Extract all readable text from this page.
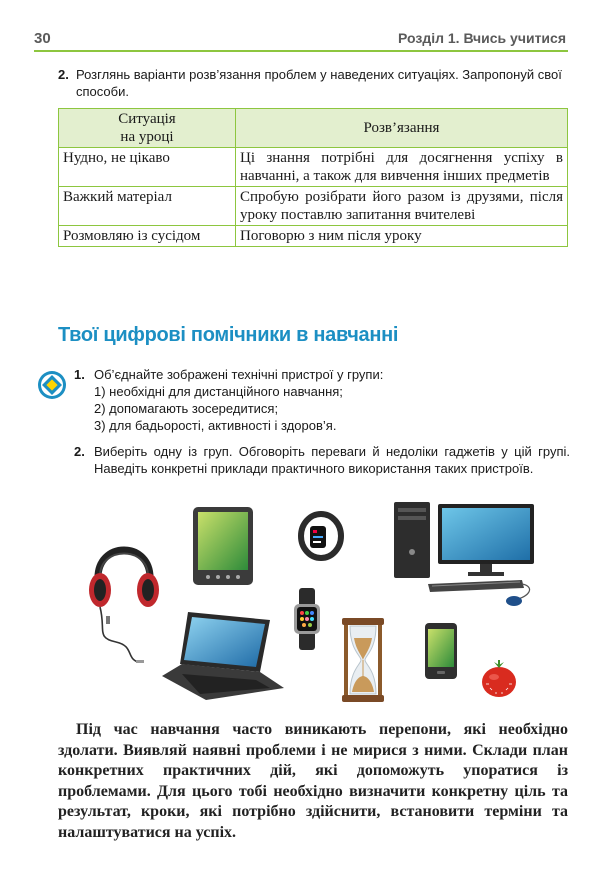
30	Розділ 1. Вчись учитися
2. Розглянь варіанти розв’язання проблем у наведених ситуаціях. Запропонуй свої способи.
Ситуація
на уроці	Розв’язання
Нудно, не цікаво	Ці знання потрібні для досягнення успіху в навчанні, а також для вивчення інших предметів
Важкий матеріал	Спробую розібрати його разом із друзями, після уроку поставлю запитання вчителеві
Розмовляю із сусідом	Поговорю з ним після уроку
Твої цифрові помічники в навчанні
1. Об’єднайте зображені технічні пристрої у групи:
1) необхідні для дистанційного навчання;
2) допомагають зосередитися;
3) для бадьорості, активності і здоров’я.
2. Виберіть одну із груп. Обговоріть переваги й недоліки гаджетів у цій групі. Наведіть конкретні приклади практичного використання таких пристроїв.
Під час навчання часто виникають перепони, які необхідно здолати. Виявляй наявні проблеми і не мирися з ними. Склади план конкретних практичних дій, які допоможуть упоратися із проблемами. Для цього тобі необхідно визначити конкретну ціль та результат, кроки, які потрібно здійснити, встановити терміни та налаштуватися на успіх.
